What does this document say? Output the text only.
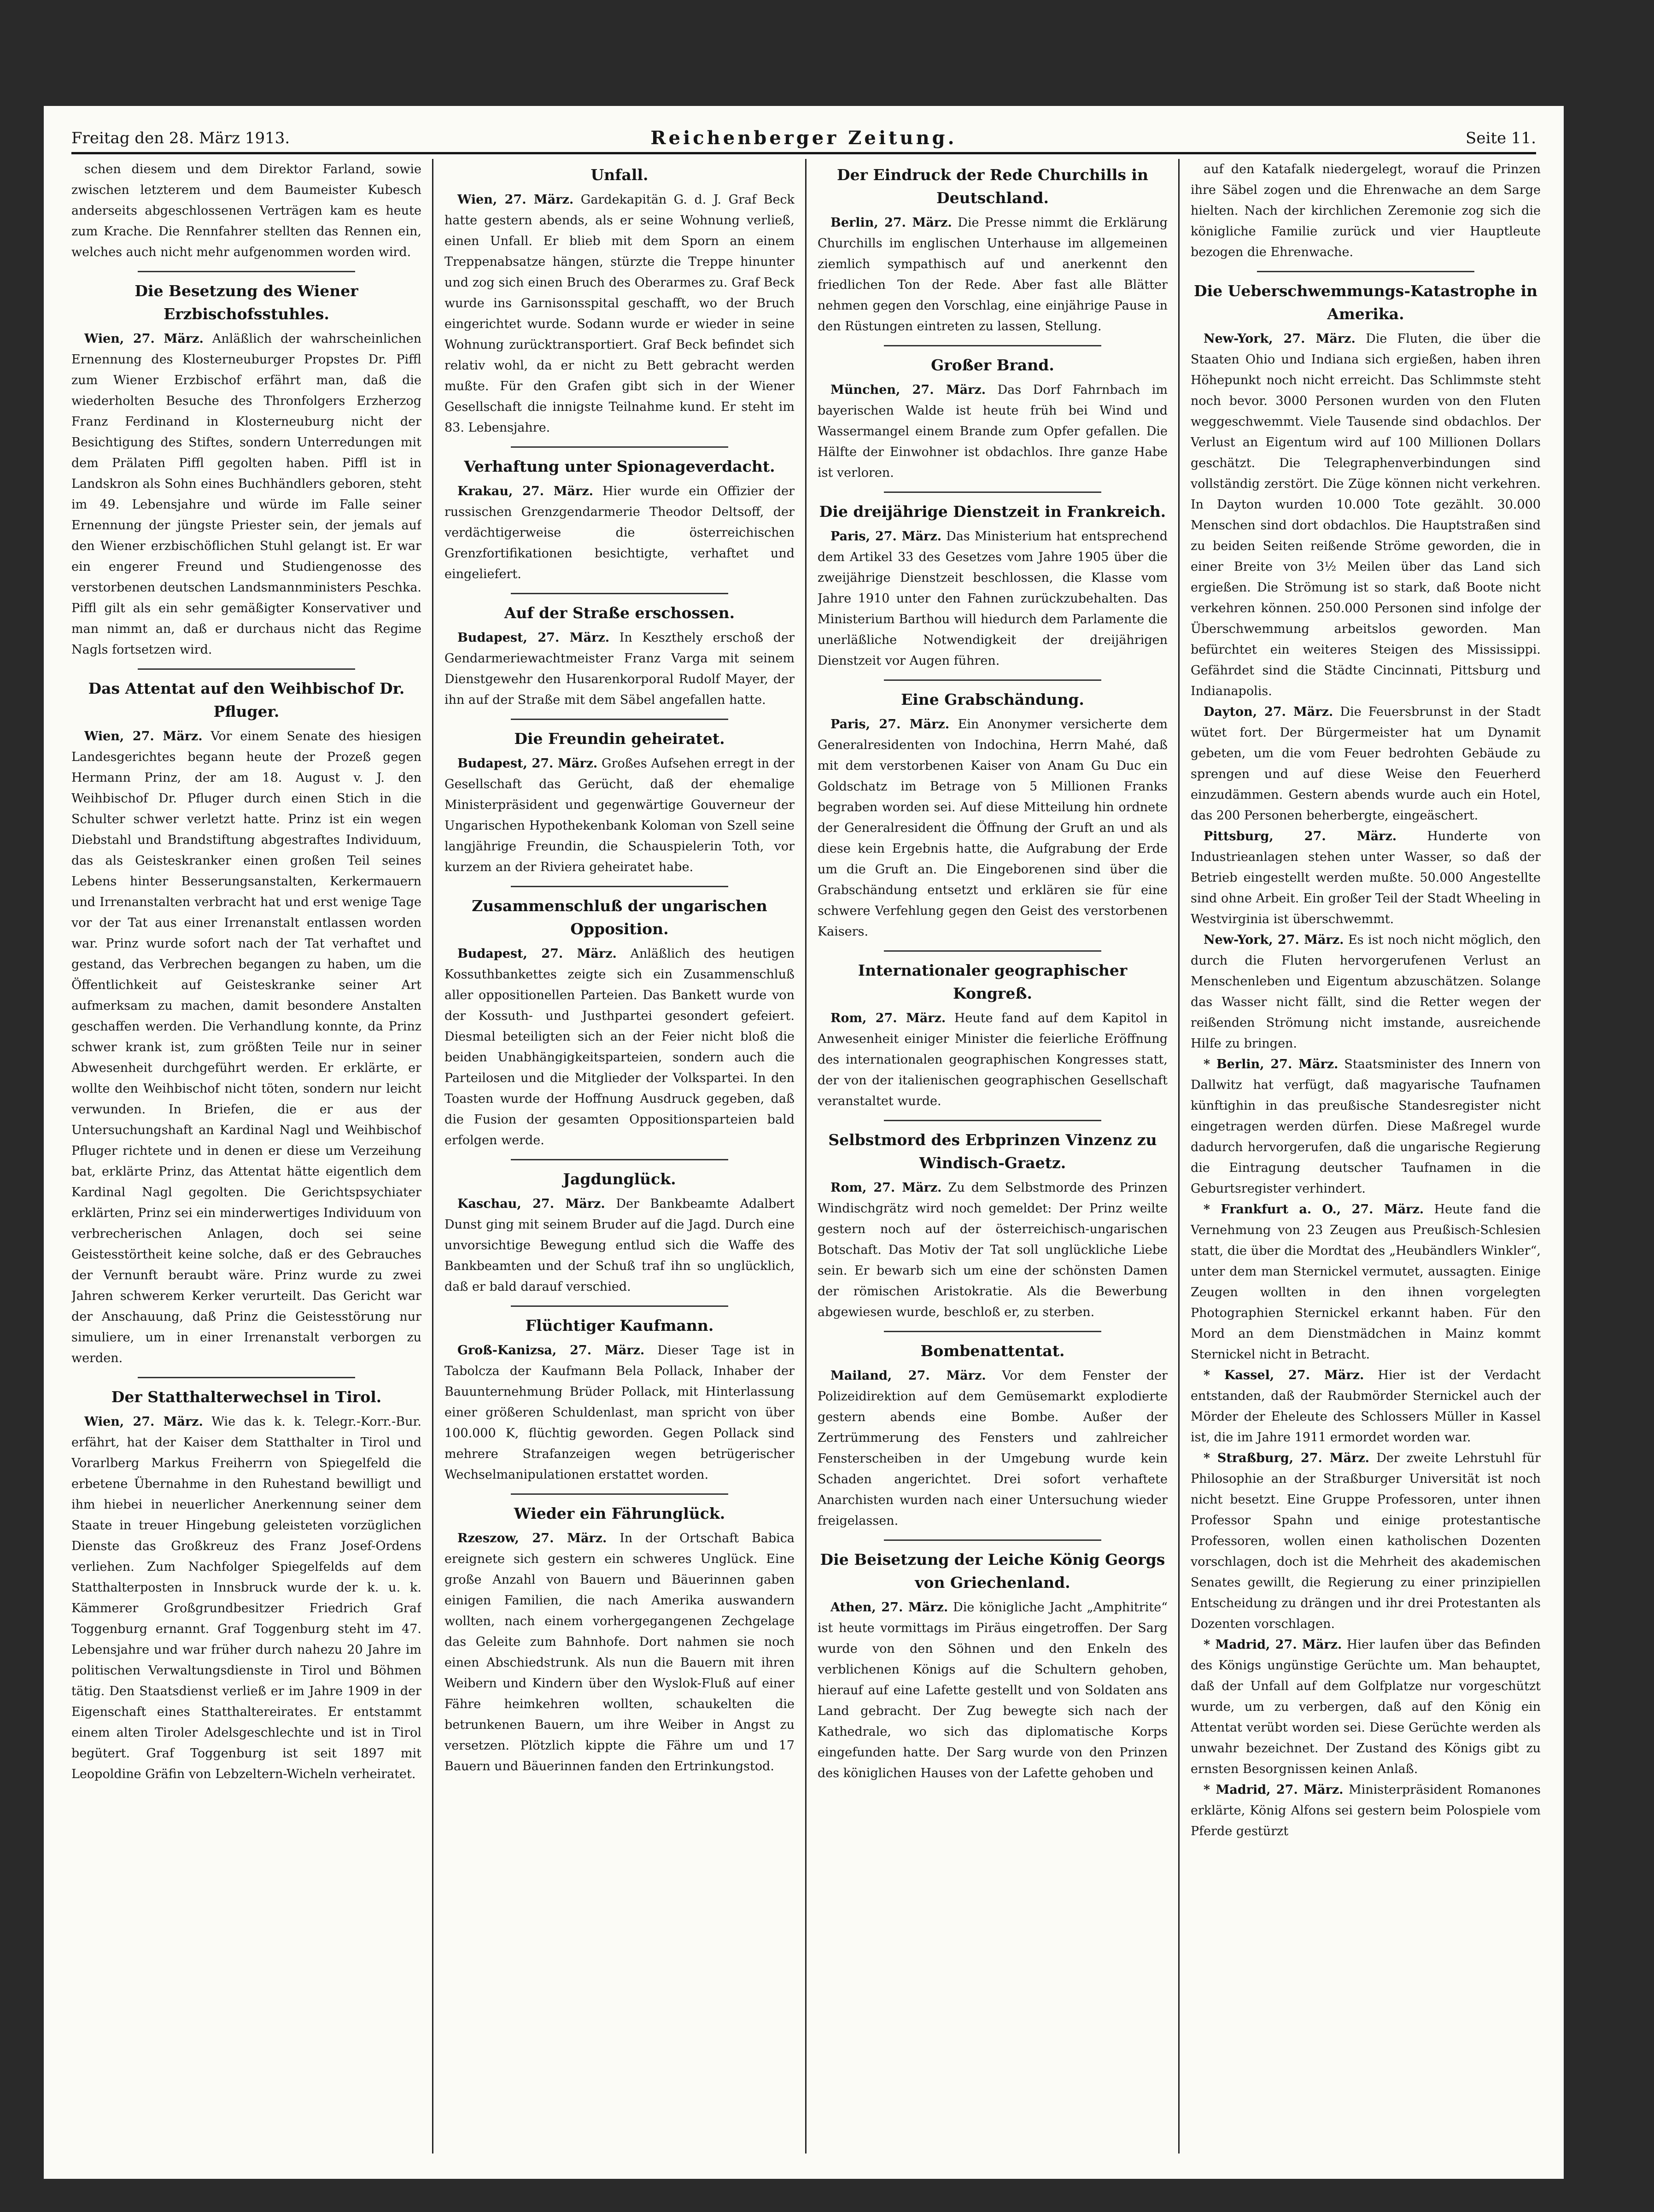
Freitag den 28. März 1913.	Reichenberger Zeitung.	Seite 11.

schen diesem und dem Direktor Farland, sowie zwischen letzterem und dem Baumeister Kubesch anderseits abgeschlossenen Verträgen kam es heute zum Krache. Die Rennfahrer stellten das Rennen ein, welches auch nicht mehr aufgenommen worden wird.

Die Besetzung des Wiener Erzbischofsstuhles.

Wien, 27. März. Anläßlich der wahrscheinlichen Ernennung des Klosterneuburger Propstes Dr. Piffl zum Wiener Erzbischof erfährt man, daß die wiederholten Besuche des Thronfolgers Erzherzog Franz Ferdinand in Klosterneuburg nicht der Besichtigung des Stiftes, sondern Unterredungen mit dem Prälaten Piffl gegolten haben. Piffl ist in Landskron als Sohn eines Buchhändlers geboren, steht im 49. Lebensjahre und würde im Falle seiner Ernennung der jüngste Priester sein, der jemals auf den Wiener erzbischöflichen Stuhl gelangt ist. Er war ein engerer Freund und Studiengenosse des verstorbenen deutschen Landsmannministers Peschka. Piffl gilt als ein sehr gemäßigter Konservativer und man nimmt an, daß er durchaus nicht das Regime Nagls fortsetzen wird.

Das Attentat auf den Weihbischof Dr. Pfluger.

Wien, 27. März. Vor einem Senate des hiesigen Landesgerichtes begann heute der Prozeß gegen Hermann Prinz, der am 18. August v. J. den Weihbischof Dr. Pfluger durch einen Stich in die Schulter schwer verletzt hatte. Prinz ist ein wegen Diebstahl und Brandstiftung abgestraftes Individuum, das als Geisteskranker einen großen Teil seines Lebens hinter Besserungsanstalten, Kerkermauern und Irrenanstalten verbracht hat und erst wenige Tage vor der Tat aus einer Irrenanstalt entlassen worden war. Prinz wurde sofort nach der Tat verhaftet und gestand, das Verbrechen begangen zu haben, um die Öffentlichkeit auf Geisteskranke seiner Art aufmerksam zu machen, damit besondere Anstalten geschaffen werden. Die Verhandlung konnte, da Prinz schwer krank ist, zum größten Teile nur in seiner Abwesenheit durchgeführt werden. Er erklärte, er wollte den Weihbischof nicht töten, sondern nur leicht verwunden. In Briefen, die er aus der Untersuchungshaft an Kardinal Nagl und Weihbischof Pfluger richtete und in denen er diese um Verzeihung bat, erklärte Prinz, das Attentat hätte eigentlich dem Kardinal Nagl gegolten. Die Gerichtspsychiater erklärten, Prinz sei ein minderwertiges Individuum von verbrecherischen Anlagen, doch sei seine Geistesstörtheit keine solche, daß er des Gebrauches der Vernunft beraubt wäre. Prinz wurde zu zwei Jahren schwerem Kerker verurteilt. Das Gericht war der Anschauung, daß Prinz die Geistesstörung nur simuliere, um in einer Irrenanstalt verborgen zu werden.

Der Statthalterwechsel in Tirol.

Wien, 27. März. Wie das k. k. Telegr.-Korr.-Bur. erfährt, hat der Kaiser dem Statthalter in Tirol und Vorarlberg Markus Freiherrn von Spiegelfeld die erbetene Übernahme in den Ruhestand bewilligt und ihm hiebei in neuerlicher Anerkennung seiner dem Staate in treuer Hingebung geleisteten vorzüglichen Dienste das Großkreuz des Franz Josef-Ordens verliehen. Zum Nachfolger Spiegelfelds auf dem Statthalterposten in Innsbruck wurde der k. u. k. Kämmerer Großgrundbesitzer Friedrich Graf Toggenburg ernannt. Graf Toggenburg steht im 47. Lebensjahre und war früher durch nahezu 20 Jahre im politischen Verwaltungsdienste in Tirol und Böhmen tätig. Den Staatsdienst verließ er im Jahre 1909 in der Eigenschaft eines Statthaltereirates. Er entstammt einem alten Tiroler Adelsgeschlechte und ist in Tirol begütert. Graf Toggenburg ist seit 1897 mit Leopoldine Gräfin von Lebzeltern-Wicheln verheiratet.

Unfall.

Wien, 27. März. Gardekapitän G. d. J. Graf Beck hatte gestern abends, als er seine Wohnung verließ, einen Unfall. Er blieb mit dem Sporn an einem Treppenabsatze hängen, stürzte die Treppe hinunter und zog sich einen Bruch des Oberarmes zu. Graf Beck wurde ins Garnisonsspital geschafft, wo der Bruch eingerichtet wurde. Sodann wurde er wieder in seine Wohnung zurücktransportiert. Graf Beck befindet sich relativ wohl, da er nicht zu Bett gebracht werden mußte. Für den Grafen gibt sich in der Wiener Gesellschaft die innigste Teilnahme kund. Er steht im 83. Lebensjahre.

Verhaftung unter Spionageverdacht.

Krakau, 27. März. Hier wurde ein Offizier der russischen Grenzgendarmerie Theodor Deltsoff, der verdächtigerweise die österreichischen Grenzfortifikationen besichtigte, verhaftet und eingeliefert.

Auf der Straße erschossen.

Budapest, 27. März. In Keszthely erschoß der Gendarmeriewachtmeister Franz Varga mit seinem Dienstgewehr den Husarenkorporal Rudolf Mayer, der ihn auf der Straße mit dem Säbel angefallen hatte.

Die Freundin geheiratet.

Budapest, 27. März. Großes Aufsehen erregt in der Gesellschaft das Gerücht, daß der ehemalige Ministerpräsident und gegenwärtige Gouverneur der Ungarischen Hypothekenbank Koloman von Szell seine langjährige Freundin, die Schauspielerin Toth, vor kurzem an der Riviera geheiratet habe.

Zusammenschluß der ungarischen Opposition.

Budapest, 27. März. Anläßlich des heutigen Kossuthbankettes zeigte sich ein Zusammenschluß aller oppositionellen Parteien. Das Bankett wurde von der Kossuth- und Justhpartei gesondert gefeiert. Diesmal beteiligten sich an der Feier nicht bloß die beiden Unabhängigkeitsparteien, sondern auch die Parteilosen und die Mitglieder der Volkspartei. In den Toasten wurde der Hoffnung Ausdruck gegeben, daß die Fusion der gesamten Oppositionsparteien bald erfolgen werde.

Jagdunglück.

Kaschau, 27. März. Der Bankbeamte Adalbert Dunst ging mit seinem Bruder auf die Jagd. Durch eine unvorsichtige Bewegung entlud sich die Waffe des Bankbeamten und der Schuß traf ihn so unglücklich, daß er bald darauf verschied.

Flüchtiger Kaufmann.

Groß-Kanizsa, 27. März. Dieser Tage ist in Tabolcza der Kaufmann Bela Pollack, Inhaber der Bauunternehmung Brüder Pollack, mit Hinterlassung einer größeren Schuldenlast, man spricht von über 100.000 K, flüchtig geworden. Gegen Pollack sind mehrere Strafanzeigen wegen betrügerischer Wechselmanipulationen erstattet worden.

Wieder ein Fährunglück.

Rzeszow, 27. März. In der Ortschaft Babica ereignete sich gestern ein schweres Unglück. Eine große Anzahl von Bauern und Bäuerinnen gaben einigen Familien, die nach Amerika auswandern wollten, nach einem vorhergegangenen Zechgelage das Geleite zum Bahnhofe. Dort nahmen sie noch einen Abschiedstrunk. Als nun die Bauern mit ihren Weibern und Kindern über den Wyslok-Fluß auf einer Fähre heimkehren wollten, schaukelten die betrunkenen Bauern, um ihre Weiber in Angst zu versetzen. Plötzlich kippte die Fähre um und 17 Bauern und Bäuerinnen fanden den Ertrinkungstod.

Der Eindruck der Rede Churchills in Deutschland.

Berlin, 27. März. Die Presse nimmt die Erklärung Churchills im englischen Unterhause im allgemeinen ziemlich sympathisch auf und anerkennt den friedlichen Ton der Rede. Aber fast alle Blätter nehmen gegen den Vorschlag, eine einjährige Pause in den Rüstungen eintreten zu lassen, Stellung.

Großer Brand.

München, 27. März. Das Dorf Fahrnbach im bayerischen Walde ist heute früh bei Wind und Wassermangel einem Brande zum Opfer gefallen. Die Hälfte der Einwohner ist obdachlos. Ihre ganze Habe ist verloren.

Die dreijährige Dienstzeit in Frankreich.

Paris, 27. März. Das Ministerium hat entsprechend dem Artikel 33 des Gesetzes vom Jahre 1905 über die zweijährige Dienstzeit beschlossen, die Klasse vom Jahre 1910 unter den Fahnen zurückzubehalten. Das Ministerium Barthou will hiedurch dem Parlamente die unerläßliche Notwendigkeit der dreijährigen Dienstzeit vor Augen führen.

Eine Grabschändung.

Paris, 27. März. Ein Anonymer versicherte dem Generalresidenten von Indochina, Herrn Mahé, daß mit dem verstorbenen Kaiser von Anam Gu Duc ein Goldschatz im Betrage von 5 Millionen Franks begraben worden sei. Auf diese Mitteilung hin ordnete der Generalresident die Öffnung der Gruft an und als diese kein Ergebnis hatte, die Aufgrabung der Erde um die Gruft an. Die Eingeborenen sind über die Grabschändung entsetzt und erklären sie für eine schwere Verfehlung gegen den Geist des verstorbenen Kaisers.

Internationaler geographischer Kongreß.

Rom, 27. März. Heute fand auf dem Kapitol in Anwesenheit einiger Minister die feierliche Eröffnung des internationalen geographischen Kongresses statt, der von der italienischen geographischen Gesellschaft veranstaltet wurde.

Selbstmord des Erbprinzen Vinzenz zu Windisch-Graetz.

Rom, 27. März. Zu dem Selbstmorde des Prinzen Windischgrätz wird noch gemeldet: Der Prinz weilte gestern noch auf der österreichisch-ungarischen Botschaft. Das Motiv der Tat soll unglückliche Liebe sein. Er bewarb sich um eine der schönsten Damen der römischen Aristokratie. Als die Bewerbung abgewiesen wurde, beschloß er, zu sterben.

Bombenattentat.

Mailand, 27. März. Vor dem Fenster der Polizeidirektion auf dem Gemüsemarkt explodierte gestern abends eine Bombe. Außer der Zertrümmerung des Fensters und zahlreicher Fensterscheiben in der Umgebung wurde kein Schaden angerichtet. Drei sofort verhaftete Anarchisten wurden nach einer Untersuchung wieder freigelassen.

Die Beisetzung der Leiche König Georgs von Griechenland.

Athen, 27. März. Die königliche Jacht „Amphitrite“ ist heute vormittags im Piräus eingetroffen. Der Sarg wurde von den Söhnen und den Enkeln des verblichenen Königs auf die Schultern gehoben, hierauf auf eine Lafette gestellt und von Soldaten ans Land gebracht. Der Zug bewegte sich nach der Kathedrale, wo sich das diplomatische Korps eingefunden hatte. Der Sarg wurde von den Prinzen des königlichen Hauses von der Lafette gehoben und

auf den Katafalk niedergelegt, worauf die Prinzen ihre Säbel zogen und die Ehrenwache an dem Sarge hielten. Nach der kirchlichen Zeremonie zog sich die königliche Familie zurück und vier Hauptleute bezogen die Ehrenwache.

Die Ueberschwemmungs-Katastrophe in Amerika.

New-York, 27. März. Die Fluten, die über die Staaten Ohio und Indiana sich ergießen, haben ihren Höhepunkt noch nicht erreicht. Das Schlimmste steht noch bevor. 3000 Personen wurden von den Fluten weggeschwemmt. Viele Tausende sind obdachlos. Der Verlust an Eigentum wird auf 100 Millionen Dollars geschätzt. Die Telegraphenverbindungen sind vollständig zerstört. Die Züge können nicht verkehren. In Dayton wurden 10.000 Tote gezählt. 30.000 Menschen sind dort obdachlos. Die Hauptstraßen sind zu beiden Seiten reißende Ströme geworden, die in einer Breite von 3½ Meilen über das Land sich ergießen. Die Strömung ist so stark, daß Boote nicht verkehren können. 250.000 Personen sind infolge der Überschwemmung arbeitslos geworden. Man befürchtet ein weiteres Steigen des Mississippi. Gefährdet sind die Städte Cincinnati, Pittsburg und Indianapolis.

Dayton, 27. März. Die Feuersbrunst in der Stadt wütet fort. Der Bürgermeister hat um Dynamit gebeten, um die vom Feuer bedrohten Gebäude zu sprengen und auf diese Weise den Feuerherd einzudämmen. Gestern abends wurde auch ein Hotel, das 200 Personen beherbergte, eingeäschert.

Pittsburg, 27. März. Hunderte von Industrieanlagen stehen unter Wasser, so daß der Betrieb eingestellt werden mußte. 50.000 Angestellte sind ohne Arbeit. Ein großer Teil der Stadt Wheeling in Westvirginia ist überschwemmt.

New-York, 27. März. Es ist noch nicht möglich, den durch die Fluten hervorgerufenen Verlust an Menschenleben und Eigentum abzuschätzen. Solange das Wasser nicht fällt, sind die Retter wegen der reißenden Strömung nicht imstande, ausreichende Hilfe zu bringen.

* Berlin, 27. März. Staatsminister des Innern von Dallwitz hat verfügt, daß magyarische Taufnamen künftighin in das preußische Standesregister nicht eingetragen werden dürfen. Diese Maßregel wurde dadurch hervorgerufen, daß die ungarische Regierung die Eintragung deutscher Taufnamen in die Geburtsregister verhindert.

* Frankfurt a. O., 27. März. Heute fand die Vernehmung von 23 Zeugen aus Preußisch-Schlesien statt, die über die Mordtat des „Heubändlers Winkler“, unter dem man Sternickel vermutet, aussagten. Einige Zeugen wollten in den ihnen vorgelegten Photographien Sternickel erkannt haben. Für den Mord an dem Dienstmädchen in Mainz kommt Sternickel nicht in Betracht.

* Kassel, 27. März. Hier ist der Verdacht entstanden, daß der Raubmörder Sternickel auch der Mörder der Eheleute des Schlossers Müller in Kassel ist, die im Jahre 1911 ermordet worden war.

* Straßburg, 27. März. Der zweite Lehrstuhl für Philosophie an der Straßburger Universität ist noch nicht besetzt. Eine Gruppe Professoren, unter ihnen Professor Spahn und einige protestantische Professoren, wollen einen katholischen Dozenten vorschlagen, doch ist die Mehrheit des akademischen Senates gewillt, die Regierung zu einer prinzipiellen Entscheidung zu drängen und ihr drei Protestanten als Dozenten vorschlagen.

* Madrid, 27. März. Hier laufen über das Befinden des Königs ungünstige Gerüchte um. Man behauptet, daß der Unfall auf dem Golfplatze nur vorgeschützt wurde, um zu verbergen, daß auf den König ein Attentat verübt worden sei. Diese Gerüchte werden als unwahr bezeichnet. Der Zustand des Königs gibt zu ernsten Besorgnissen keinen Anlaß.

* Madrid, 27. März. Ministerpräsident Romanones erklärte, König Alfons sei gestern beim Polospiele vom Pferde gestürzt
